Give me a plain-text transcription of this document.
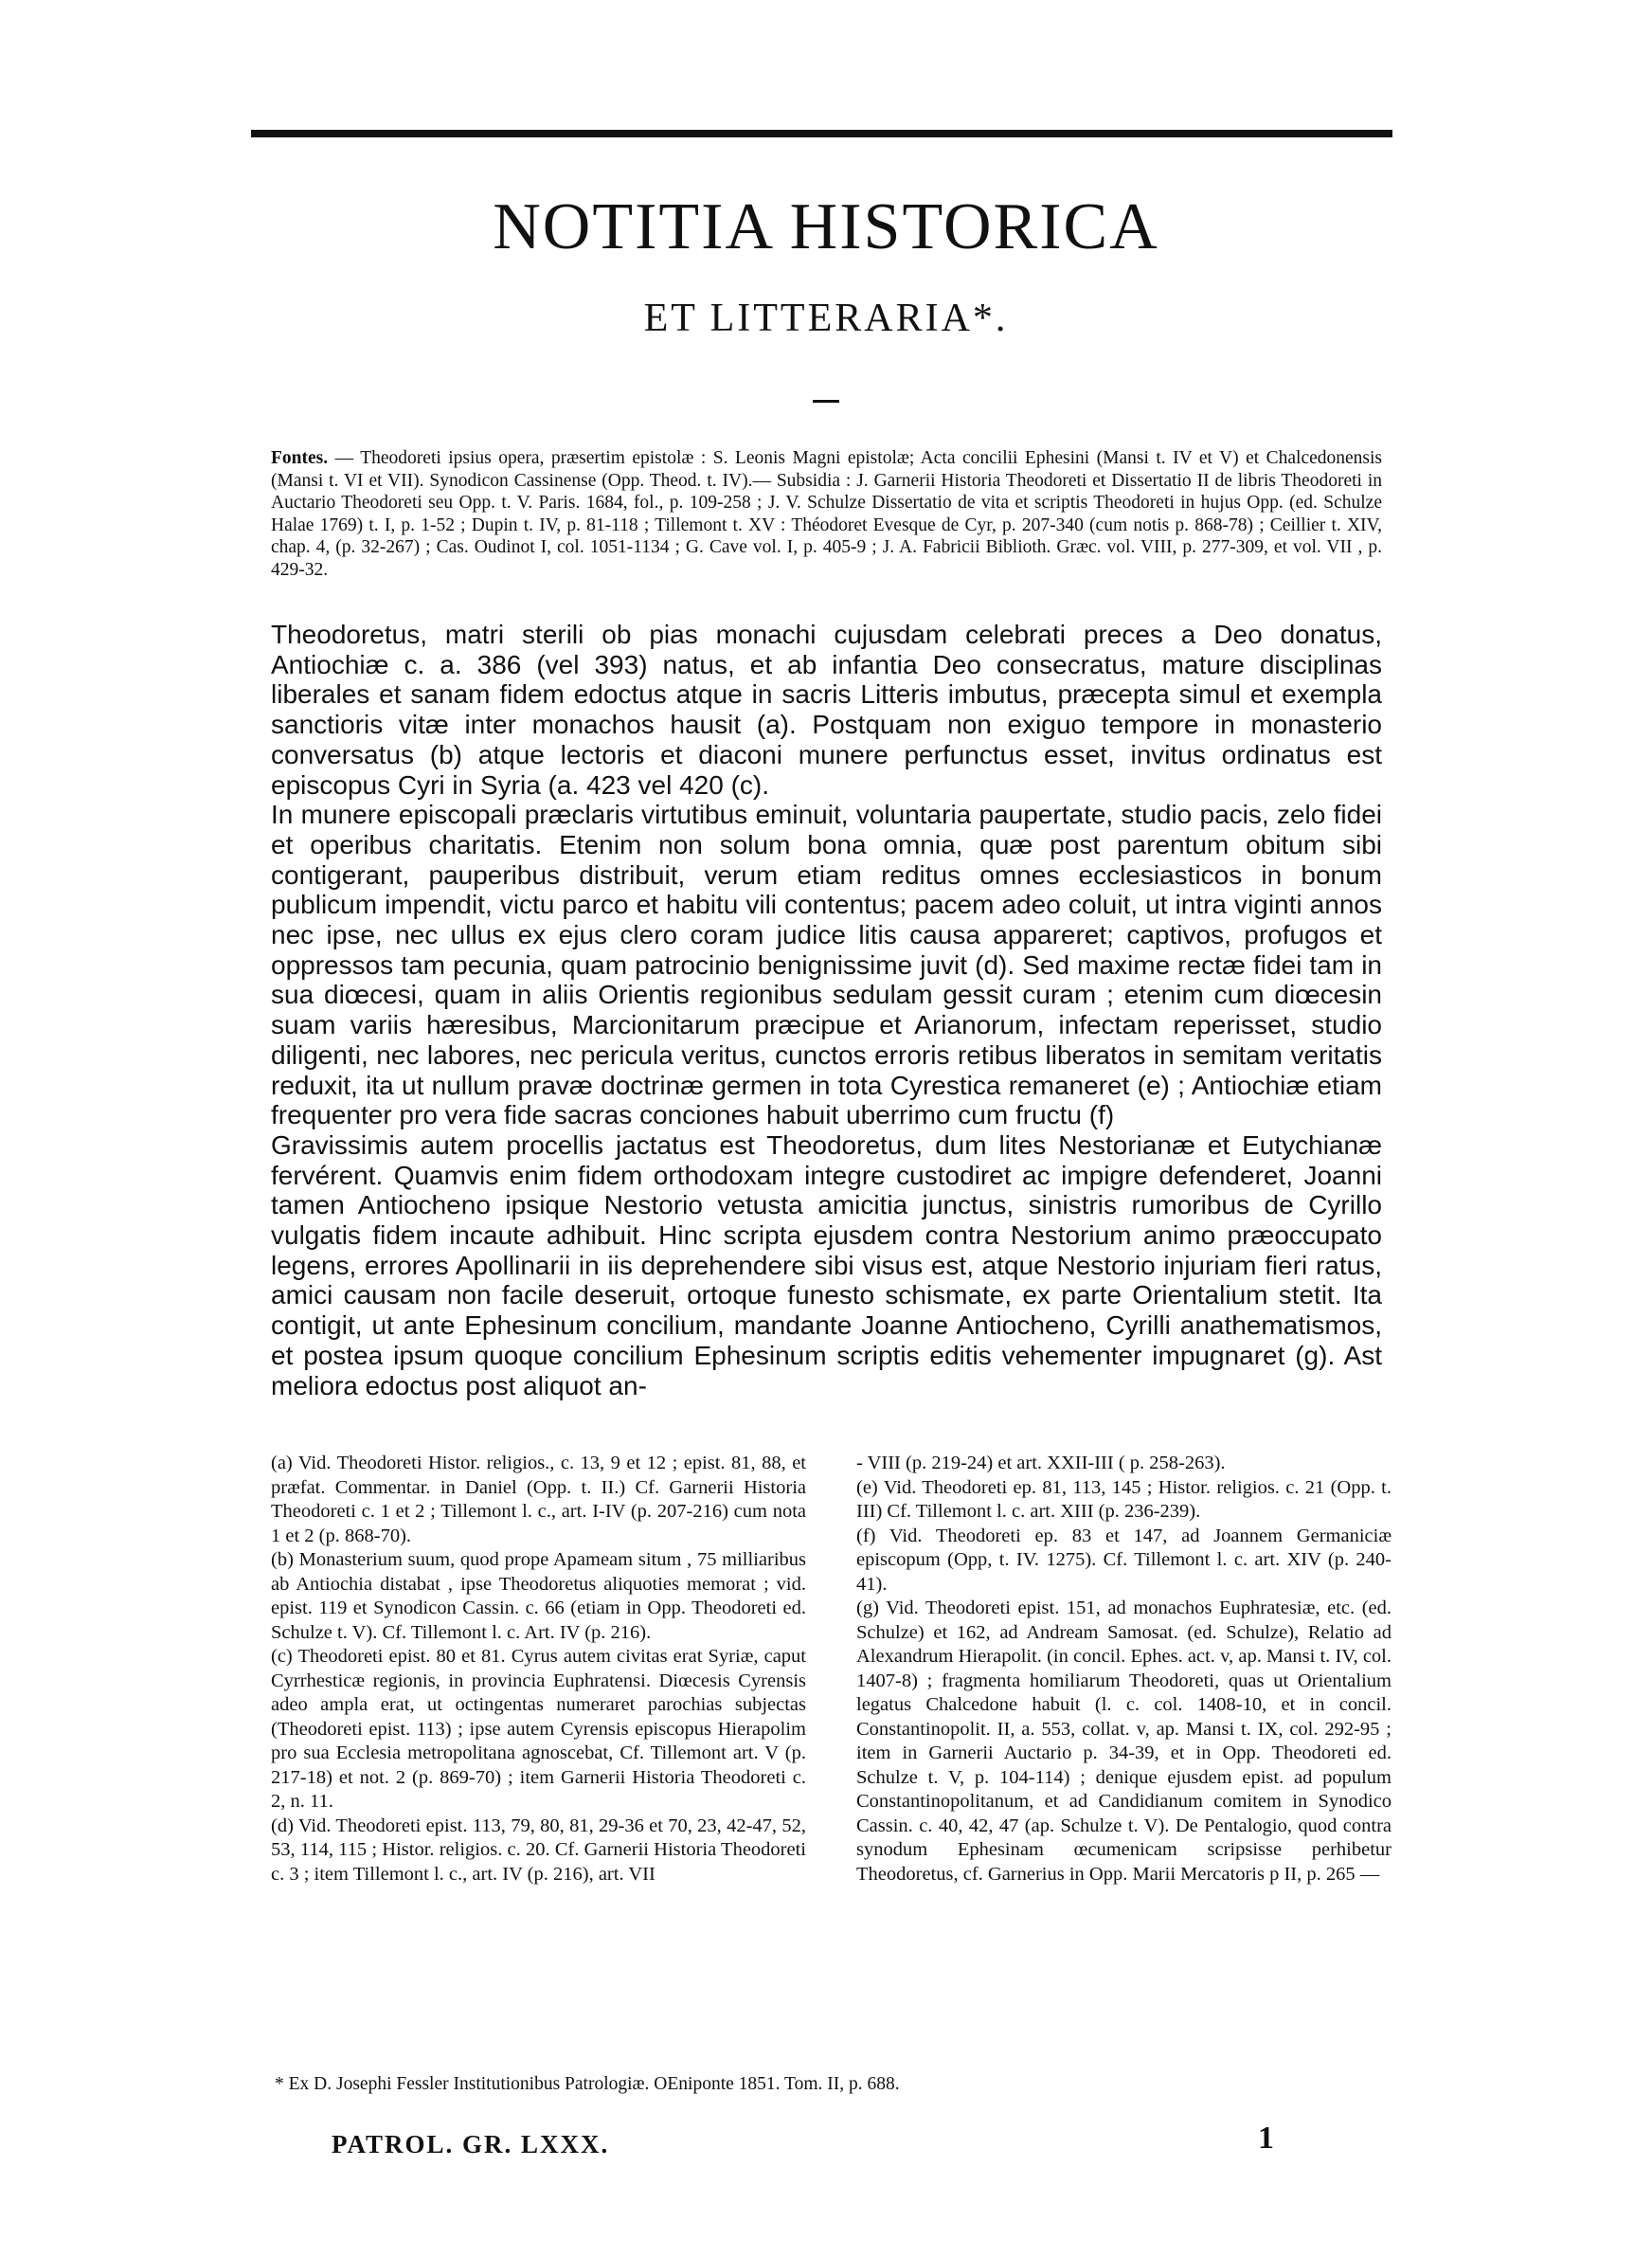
NOTITIA HISTORICA
ET LITTERARIA*.
Fontes. — Theodoreti ipsius opera, præsertim epistolæ : S. Leonis Magni epistolæ; Acta concilii Ephesini (Mansi t. IV et V) et Chalcedonensis (Mansi t. VI et VII). Synodicon Cassinense (Opp. Theod. t. IV).— Subsidia : J. Garnerii Historia Theodoreti et Dissertatio II de libris Theodoreti in Auctario Theodoreti seu Opp. t. V. Paris. 1684, fol., p. 109-258 ; J. V. Schulze Dissertatio de vita et scriptis Theodoreti in hujus Opp. (ed. Schulze Halae 1769) t. I, p. 1-52 ; Dupin t. IV, p. 81-118 ; Tillemont t. XV : Théodoret Evesque de Cyr, p. 207-340 (cum notis p. 868-78) ; Ceillier t. XIV, chap. 4, (p. 32-267) ; Cas. Oudinot I, col. 1051-1134 ; G. Cave vol. I, p. 405-9 ; J. A. Fabricii Biblioth. Græc. vol. VIII, p. 277-309, et vol. VII , p. 429-32.

Theodoretus, matri sterili ob pias monachi cujusdam celebrati preces a Deo donatus, Antiochiæ c. a. 386 (vel 393) natus, et ab infantia Deo consecratus, mature disciplinas liberales et sanam fidem edoctus atque in sacris Litteris imbutus, præcepta simul et exempla sanctioris vitæ inter monachos hausit (a). Postquam non exiguo tempore in monasterio conversatus (b) atque lectoris et diaconi munere perfunctus esset, invitus ordinatus est episcopus Cyri in Syria (a. 423 vel 420 (c).

In munere episcopali præclaris virtutibus eminuit, voluntaria paupertate, studio pacis, zelo fidei et operibus charitatis. Etenim non solum bona omnia, quæ post parentum obitum sibi contigerant, pauperibus distribuit, verum etiam reditus omnes ecclesiasticos in bonum publicum impendit, victu parco et habitu vili contentus; pacem adeo coluit, ut intra viginti annos nec ipse, nec ullus ex ejus clero coram judice litis causa appareret; captivos, profugos et oppressos tam pecunia, quam patrocinio benignissime juvit (d). Sed maxime rectæ fidei tam in sua diœcesi, quam in aliis Orientis regionibus sedulam gessit curam ; etenim cum diœcesin suam variis hæresibus, Marcionitarum præcipue et Arianorum, infectam reperisset, studio diligenti, nec labores, nec pericula veritus, cunctos erroris retibus liberatos in semitam veritatis reduxit, ita ut nullum pravæ doctrinæ germen in tota Cyrestica remaneret (e) ; Antiochiæ etiam frequenter pro vera fide sacras conciones habuit uberrimo cum fructu (f)

Gravissimis autem procellis jactatus est Theodoretus, dum lites Nestorianæ et Eutychianæ fervérent. Quamvis enim fidem orthodoxam integre custodiret ac impigre defenderet, Joanni tamen Antiocheno ipsique Nestorio vetusta amicitia junctus, sinistris rumoribus de Cyrillo vulgatis fidem incaute adhibuit. Hinc scripta ejusdem contra Nestorium animo præoccupato legens, errores Apollinarii in iis deprehendere sibi visus est, atque Nestorio injuriam fieri ratus, amici causam non facile deseruit, ortoque funesto schismate, ex parte Orientalium stetit. Ita contigit, ut ante Ephesinum concilium, mandante Joanne Antiocheno, Cyrilli anathematismos, et postea ipsum quoque concilium Ephesinum scriptis editis vehementer impugnaret (g). Ast meliora edoctus post aliquot an-

(a) Vid. Theodoreti Histor. religios., c. 13, 9 et 12 ; epist. 81, 88, et præfat. Commentar. in Daniel (Opp. t. II.) Cf. Garnerii Historia Theodoreti c. 1 et 2 ; Tillemont l. c., art. I-IV (p. 207-216) cum nota 1 et 2 (p. 868-70).

(b) Monasterium suum, quod prope Apameam situm , 75 milliaribus ab Antiochia distabat , ipse Theodoretus aliquoties memorat ; vid. epist. 119 et Synodicon Cassin. c. 66 (etiam in Opp. Theodoreti ed. Schulze t. V). Cf. Tillemont l. c. Art. IV (p. 216).

(c) Theodoreti epist. 80 et 81. Cyrus autem civitas erat Syriæ, caput Cyrrhesticæ regionis, in provincia Euphratensi. Diœcesis Cyrensis adeo ampla erat, ut octingentas numeraret parochias subjectas (Theodoreti epist. 113) ; ipse autem Cyrensis episcopus Hierapolim pro sua Ecclesia metropolitana agnoscebat, Cf. Tillemont art. V (p. 217-18) et not. 2 (p. 869-70) ; item Garnerii Historia Theodoreti c. 2, n. 11.

(d) Vid. Theodoreti epist. 113, 79, 80, 81, 29-36 et 70, 23, 42-47, 52, 53, 114, 115 ; Histor. religios. c. 20. Cf. Garnerii Historia Theodoreti c. 3 ; item Tillemont l. c., art. IV (p. 216), art. VII

- VIII (p. 219-24) et art. XXII-III ( p. 258-263).

(e) Vid. Theodoreti ep. 81, 113, 145 ; Histor. religios. c. 21 (Opp. t. III) Cf. Tillemont l. c. art. XIII (p. 236-239).

(f) Vid. Theodoreti ep. 83 et 147, ad Joannem Germaniciæ episcopum (Opp, t. IV. 1275). Cf. Tillemont l. c. art. XIV (p. 240-41).

(g) Vid. Theodoreti epist. 151, ad monachos Euphratesiæ, etc. (ed. Schulze) et 162, ad Andream Samosat. (ed. Schulze), Relatio ad Alexandrum Hierapolit. (in concil. Ephes. act. v, ap. Mansi t. IV, col. 1407-8) ; fragmenta homiliarum Theodoreti, quas ut Orientalium legatus Chalcedone habuit (l. c. col. 1408-10, et in concil. Constantinopolit. II, a. 553, collat. v, ap. Mansi t. IX, col. 292-95 ; item in Garnerii Auctario p. 34-39, et in Opp. Theodoreti ed. Schulze t. V, p. 104-114) ; denique ejusdem epist. ad populum Constantinopolitanum, et ad Candidianum comitem in Synodico Cassin. c. 40, 42, 47 (ap. Schulze t. V). De Pentalogio, quod contra synodum Ephesinam œcumenicam scripsisse perhibetur Theodoretus, cf. Garnerius in Opp. Marii Mercatoris p II, p. 265 —

* Ex D. Josephi Fessler Institutionibus Patrologiæ. OEniponte 1851. Tom. II, p. 688.
PATROL. GR. LXXX.	1
